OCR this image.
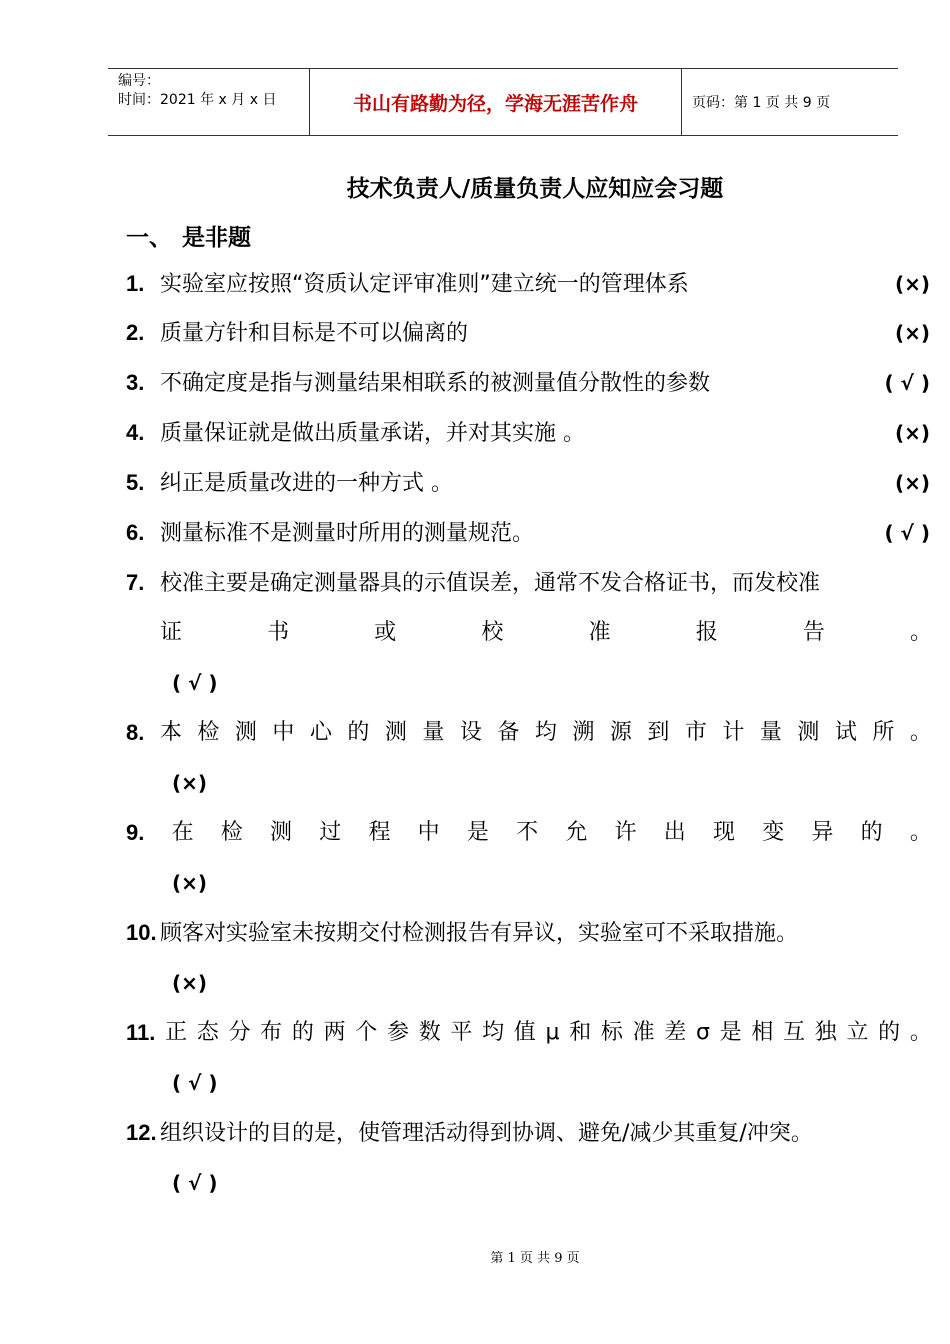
编号：
时间：2021 年 x 月 x 日	书山有路勤为径，学海无涯苦作舟	页码：第 1 页 共 9 页
技术负责人/质量负责人应知应会习题
一、 是非题
1. 实验室应按照“资质认定评审准则”建立统一的管理体系	(×)
2. 质量方针和目标是不可以偏离的	(×)
3. 不确定度是指与测量结果相联系的被测量值分散性的参数	( √ )
4. 质量保证就是做出质量承诺，并对其实施 。	(×)
5. 纠正是质量改进的一种方式 。	(×)
6. 测量标准不是测量时所用的测量规范。	( √ )
7. 校准主要是确定测量器具的示值误差，通常不发合格证书，而发校准
证	书	或	校	准	报	告	。
( √ )
8. 本 检 测 中 心 的 测 量 设 备 均 溯 源 到 市 计 量 测 试 所 。
(×)
9. 在 检 测 过 程 中 是 不 允 许 出 现 变 异 的 。
(×)
11. 正 态 分 布 的 两 个 参 数 平 均 值 μ 和 标 准 差 σ 是 相 互 独 立 的 。
( √ )
10. 顾客对实验室未按期交付检测报告有异议，实验室可不采取措施。
(×)
12. 组织设计的目的是，使管理活动得到协调、避免/减少其重复/冲突。
( √ )
第 1 页 共 9 页
